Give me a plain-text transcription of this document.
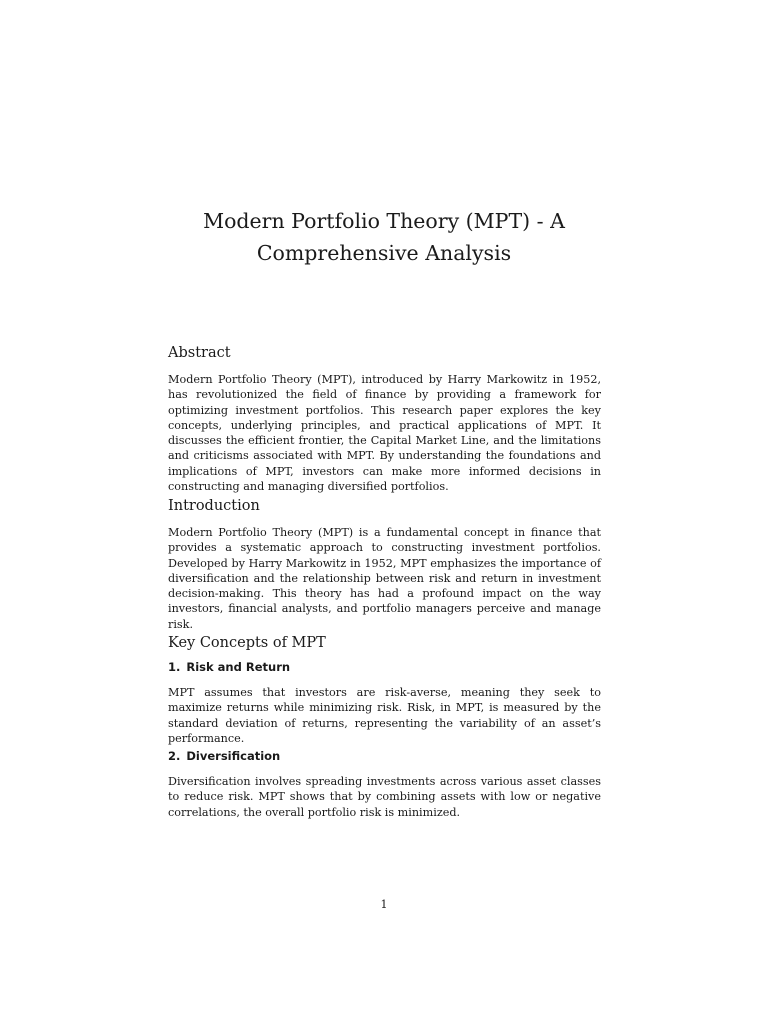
Modern Portfolio Theory (MPT) - A
Comprehensive Analysis
Abstract

Modern Portfolio Theory (MPT), introduced by Harry Markowitz in 1952, has revolutionized the field of finance by providing a framework for optimizing investment portfolios. This research paper explores the key concepts, underlying principles, and practical applications of MPT. It discusses the efficient frontier, the Capital Market Line, and the limitations and criticisms associated with MPT. By understanding the foundations and implications of MPT, investors can make more informed decisions in constructing and managing diversified portfolios.

Introduction

Modern Portfolio Theory (MPT) is a fundamental concept in finance that provides a systematic approach to constructing investment portfolios. Developed by Harry Markowitz in 1952, MPT emphasizes the importance of diversification and the relationship between risk and return in investment decision-making. This theory has had a profound impact on the way investors, financial analysts, and portfolio managers perceive and manage risk.

Key Concepts of MPT
1. Risk and Return

MPT assumes that investors are risk-averse, meaning they seek to maximize returns while minimizing risk. Risk, in MPT, is measured by the standard deviation of returns, representing the variability of an asset’s performance.

2. Diversification

Diversification involves spreading investments across various asset classes to reduce risk. MPT shows that by combining assets with low or negative correlations, the overall portfolio risk is minimized.

1
